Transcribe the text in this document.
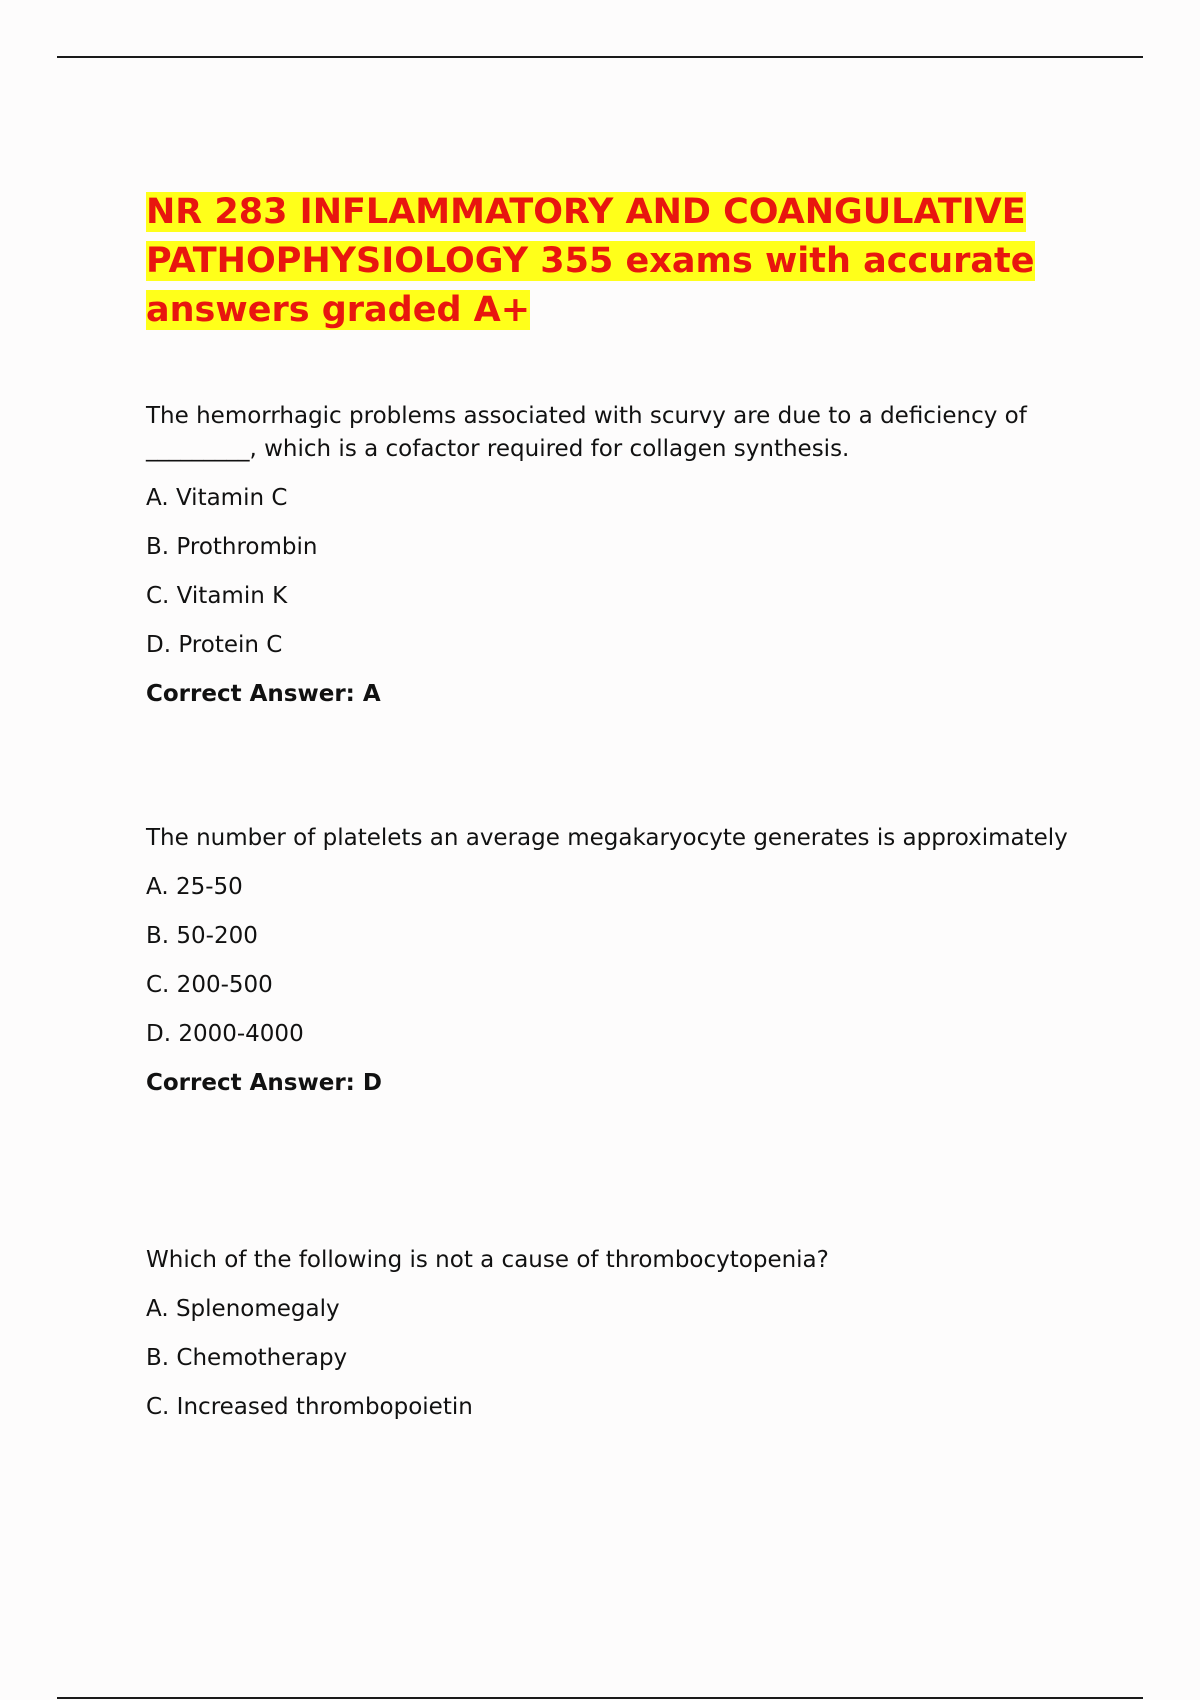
NR 283 INFLAMMATORY AND COANGULATIVE
PATHOPHYSIOLOGY 355 exams with accurate
answers graded A+

The hemorrhagic problems associated with scurvy are due to a deficiency of _________, which is a cofactor required for collagen synthesis.

A. Vitamin C

B. Prothrombin

C. Vitamin K

D. Protein C

Correct Answer: A

The number of platelets an average megakaryocyte generates is approximately

A. 25-50

B. 50-200

C. 200-500

D. 2000-4000

Correct Answer: D

Which of the following is not a cause of thrombocytopenia?

A. Splenomegaly

B. Chemotherapy

C. Increased thrombopoietin
